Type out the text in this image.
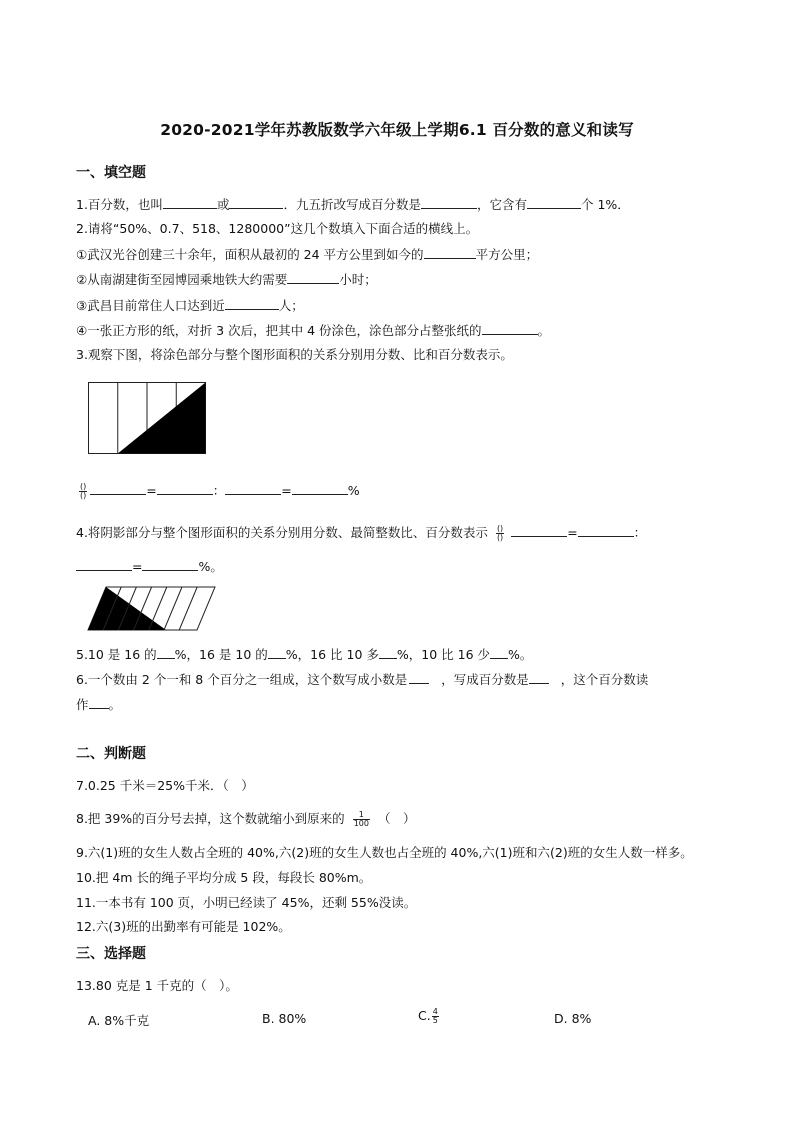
2020-2021学年苏教版数学六年级上学期6.1 百分数的意义和读写
一、填空题
1.百分数，也叫	或	．九五折改写成百分数是	，它含有	个 1%．
2.请将“50%、0.7、518、1280000”这几个数填入下面合适的横线上。
①武汉光谷创建三十余年，面积从最初的 24 平方公里到如今的	平方公里；
②从南湖建街至园博园乘地铁大约需要	小时；
③武昌目前常住人口达到近	人；
④一张正方形的纸，对折 3 次后，把其中 4 份涂色，涂色部分占整张纸的	。
3.观察下图，将涂色部分与整个图形面积的关系分别用分数、比和百分数表示。
$\frac{()}{()}$	=	：	=	%
4.将阴影部分与整个图形面积的关系分别用分数、最简整数比、百分数表示 $\frac{()}{()}$	=	：
=	%。
5.10 是 16 的 %，16 是 10 的 %，16 比 10 多 %，10 比 16 少 %。
6.一个数由 2 个一和 8 个百分之一组成，这个数写成小数是	，写成百分数是	，这个百分数读
作 。
二、判断题
7.0.25 千米＝25%千米．（　）
8.把 39%的百分号去掉，这个数就缩小到原来的 $\frac{1}{100}$ （　）
9.六(1)班的女生人数占全班的 40%,六(2)班的女生人数也占全班的 40%,六(1)班和六(2)班的女生人数一样多。
10.把 4m 长的绳子平均分成 5 段，每段长 80%m。
11.一本书有 100 页，小明已经读了 45%，还剩 55%没读。
12.六(3)班的出勤率有可能是 102%。
三、选择题
13.80 克是 1 千克的（　）。
A. 8%千克	B. 80%	C. $\frac{4}{5}$	D. 8%
